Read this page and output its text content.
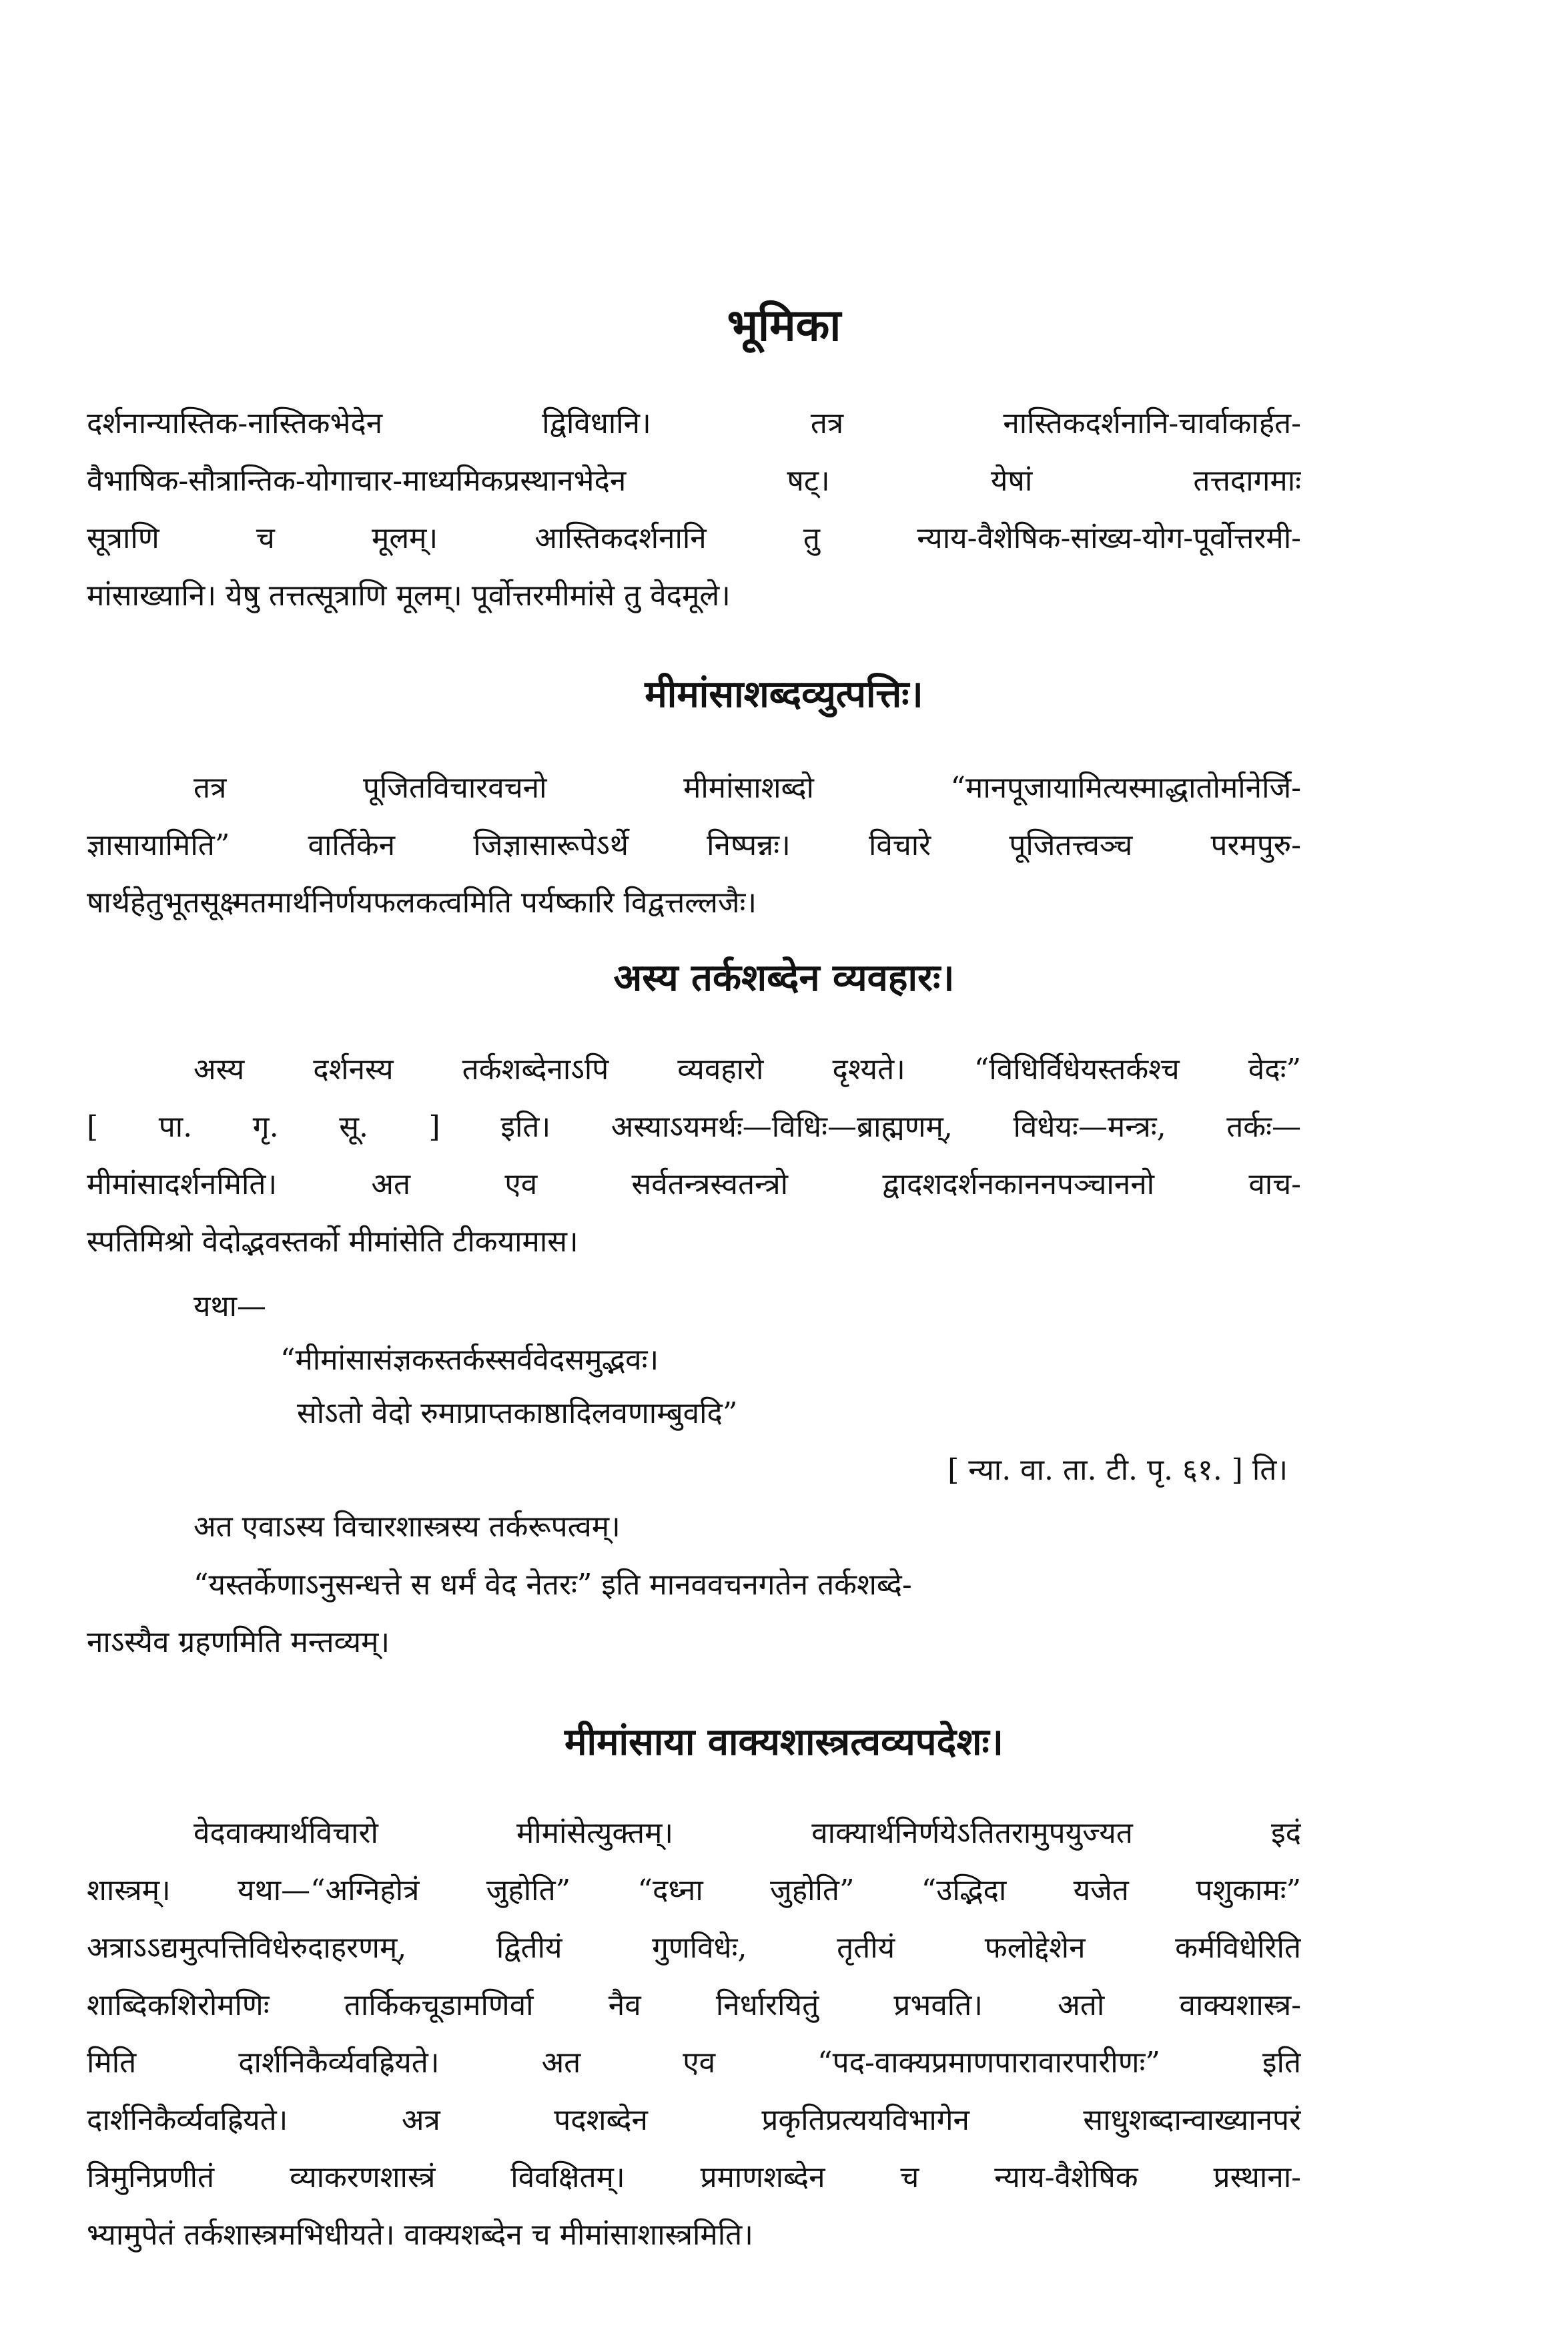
भूमिका
दर्शनान्यास्तिक-नास्तिकभेदेन द्विविधानि। तत्र नास्तिकदर्शनानि-चार्वाकार्हत-
वैभाषिक-सौत्रान्तिक-योगाचार-माध्यमिकप्रस्थानभेदेन षट्। येषां तत्तदागमाः
सूत्राणि च मूलम्। आस्तिकदर्शनानि तु न्याय-वैशेषिक-सांख्य-योग-पूर्वोत्तरमी-
मांसाख्यानि। येषु तत्तत्सूत्राणि मूलम्। पूर्वोत्तरमीमांसे तु वेदमूले।
मीमांसाशब्दव्युत्पत्तिः।
तत्र पूजितविचारवचनो मीमांसाशब्दो “मानपूजायामित्यस्माद्धातोर्मानेर्जि-
ज्ञासायामिति” वार्तिकेन जिज्ञासारूपेऽर्थे निष्पन्नः। विचारे पूजितत्त्वञ्च परमपुरु-
षार्थहेतुभूतसूक्ष्मतमार्थनिर्णयफलकत्वमिति पर्यष्कारि विद्वत्तल्लजैः।
अस्य तर्कशब्देन व्यवहारः।
अस्य दर्शनस्य तर्कशब्देनाऽपि व्यवहारो दृश्यते। “विधिर्विधेयस्तर्कश्च वेदः”
[ पा. गृ. सू. ] इति। अस्याऽयमर्थः—विधिः—ब्राह्मणम्, विधेयः—मन्त्रः, तर्कः—
मीमांसादर्शनमिति। अत एव सर्वतन्त्रस्वतन्त्रो द्वादशदर्शनकाननपञ्चाननो वाच-
स्पतिमिश्रो वेदोद्भवस्तर्को मीमांसेति टीकयामास।
यथा—
“मीमांसासंज्ञकस्तर्कस्सर्ववेदसमुद्भवः।
सोऽतो वेदो रुमाप्राप्तकाष्ठादिलवणाम्बुवदि”
[ न्या. वा. ता. टी. पृ. ६१. ] ति।
अत एवाऽस्य विचारशास्त्रस्य तर्करूपत्वम्।
“यस्तर्केणाऽनुसन्धत्ते स धर्मं वेद नेतरः” इति मानववचनगतेन तर्कशब्दे-
नाऽस्यैव ग्रहणमिति मन्तव्यम्।
मीमांसाया वाक्यशास्त्रत्वव्यपदेशः।
वेदवाक्यार्थविचारो मीमांसेत्युक्तम्। वाक्यार्थनिर्णयेऽतितरामुपयुज्यत इदं
शास्त्रम्। यथा—“अग्निहोत्रं जुहोति” “दध्ना जुहोति” “उद्भिदा यजेत पशुकामः”
अत्राऽऽद्यमुत्पत्तिविधेरुदाहरणम्, द्वितीयं गुणविधेः, तृतीयं फलोद्देशेन कर्मविधेरिति
शाब्दिकशिरोमणिः तार्किकचूडामणिर्वा नैव निर्धारयितुं प्रभवति। अतो वाक्यशास्त्र-
मिति दार्शनिकैर्व्यवह्रियते। अत एव “पद-वाक्यप्रमाणपारावारपारीणः” इति
दार्शनिकैर्व्यवह्रियते। अत्र पदशब्देन प्रकृतिप्रत्ययविभागेन साधुशब्दान्वाख्यानपरं
त्रिमुनिप्रणीतं व्याकरणशास्त्रं विवक्षितम्। प्रमाणशब्देन च न्याय-वैशेषिक प्रस्थाना-
भ्यामुपेतं तर्कशास्त्रमभिधीयते। वाक्यशब्देन च मीमांसाशास्त्रमिति।
